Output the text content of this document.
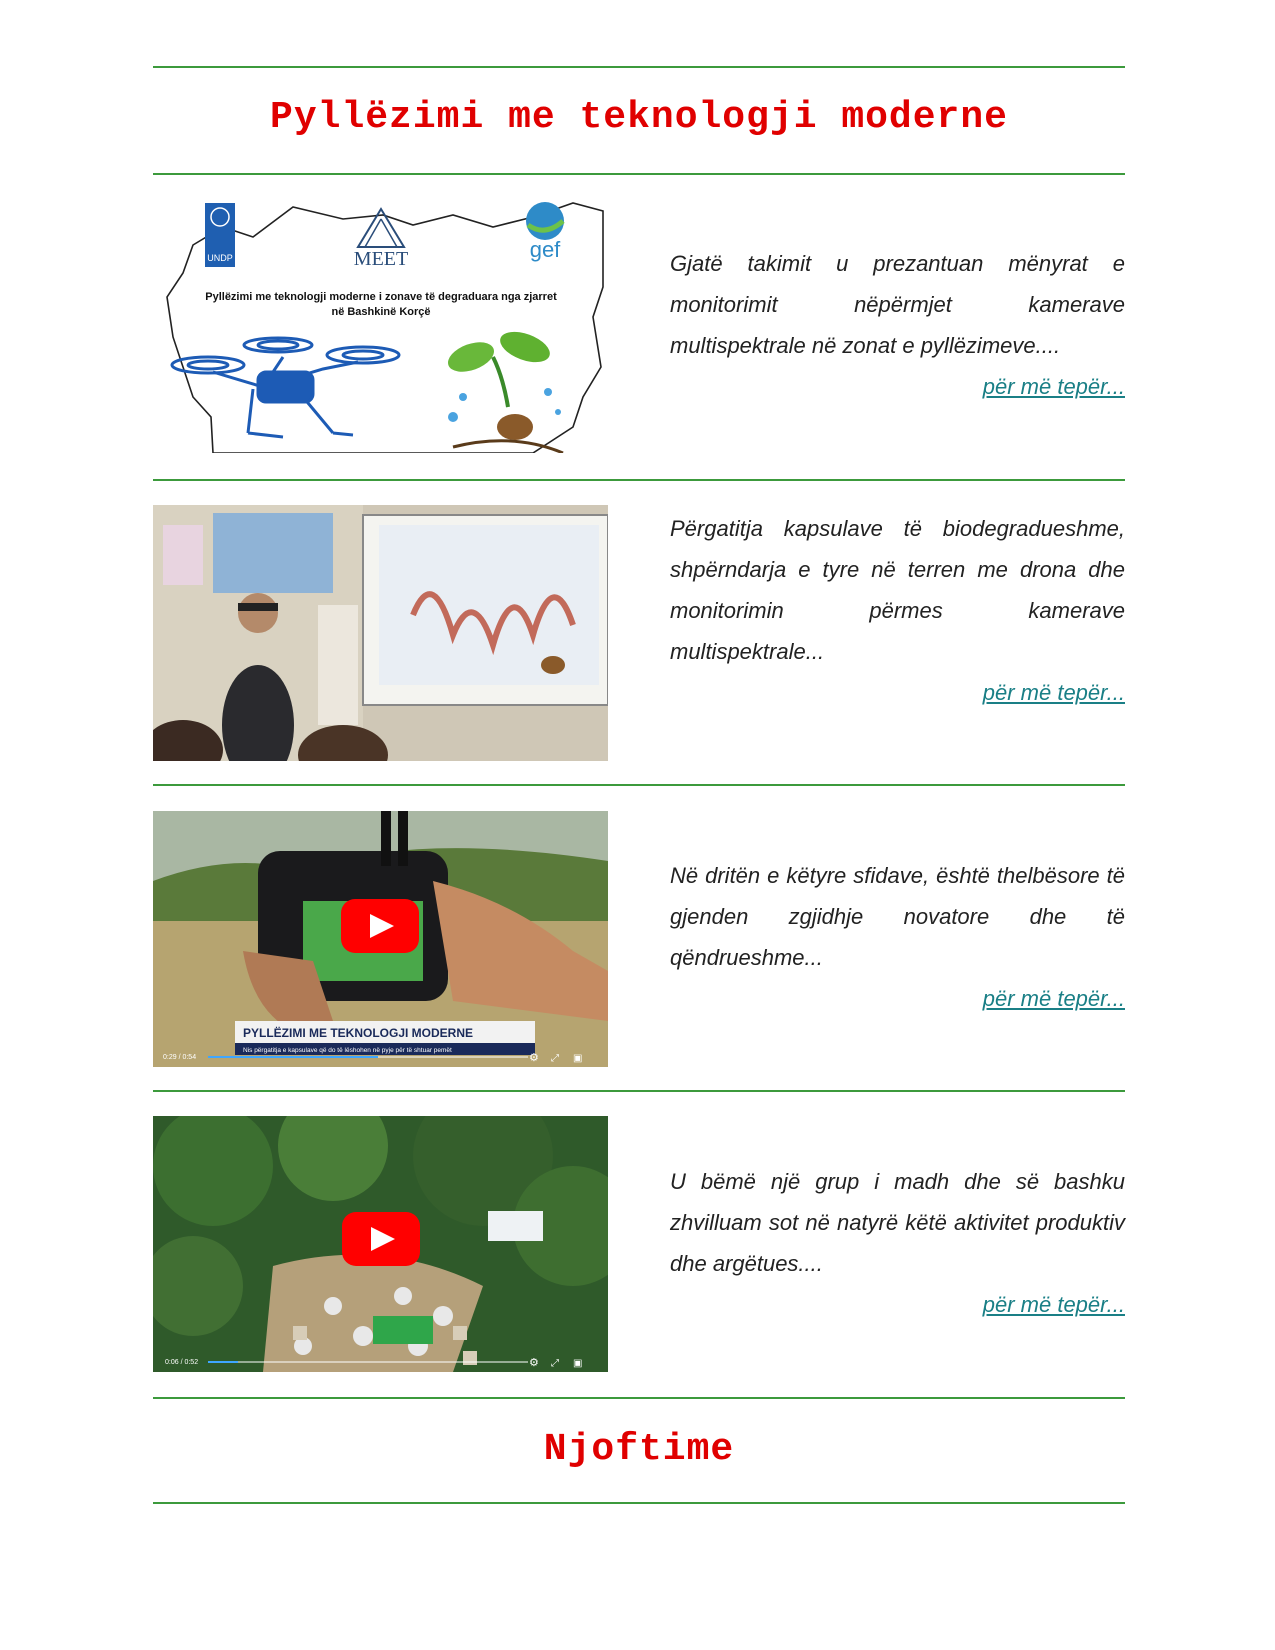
Pyllëzimi me teknologji moderne
UNDP	MEET	gef
Pyllëzimi me teknologji moderne i zonave të degraduara nga zjarret
në Bashkinë Korçë
Gjatë takimit u prezantuan mënyrat e monitorimit nëpërmjet kamerave multispektrale në zonat e pyllëzimeve....
për më tepër...
Përgatitja kapsulave të biodegradueshme, shpërndarja e tyre në terren me drona dhe monitorimin përmes kamerave multispektrale...
për më tepër...
PYLLËZIMI ME TEKNOLOGJI MODERNE
Nis përgatitja e kapsulave që do të lëshohen në pyje për të shtuar pemët
0:29 / 0:54	⚙ ⤢ ▣
Në dritën e këtyre sfidave, është thelbësore të gjenden zgjidhje novatore dhe të qëndrueshme...
për më tepër...
0:06 / 0:52	⚙ ⤢ ▣
U bëmë një grup i madh dhe së bashku zhvilluam sot në natyrë këtë aktivitet produktiv dhe argëtues....
për më tepër...
Njoftime
